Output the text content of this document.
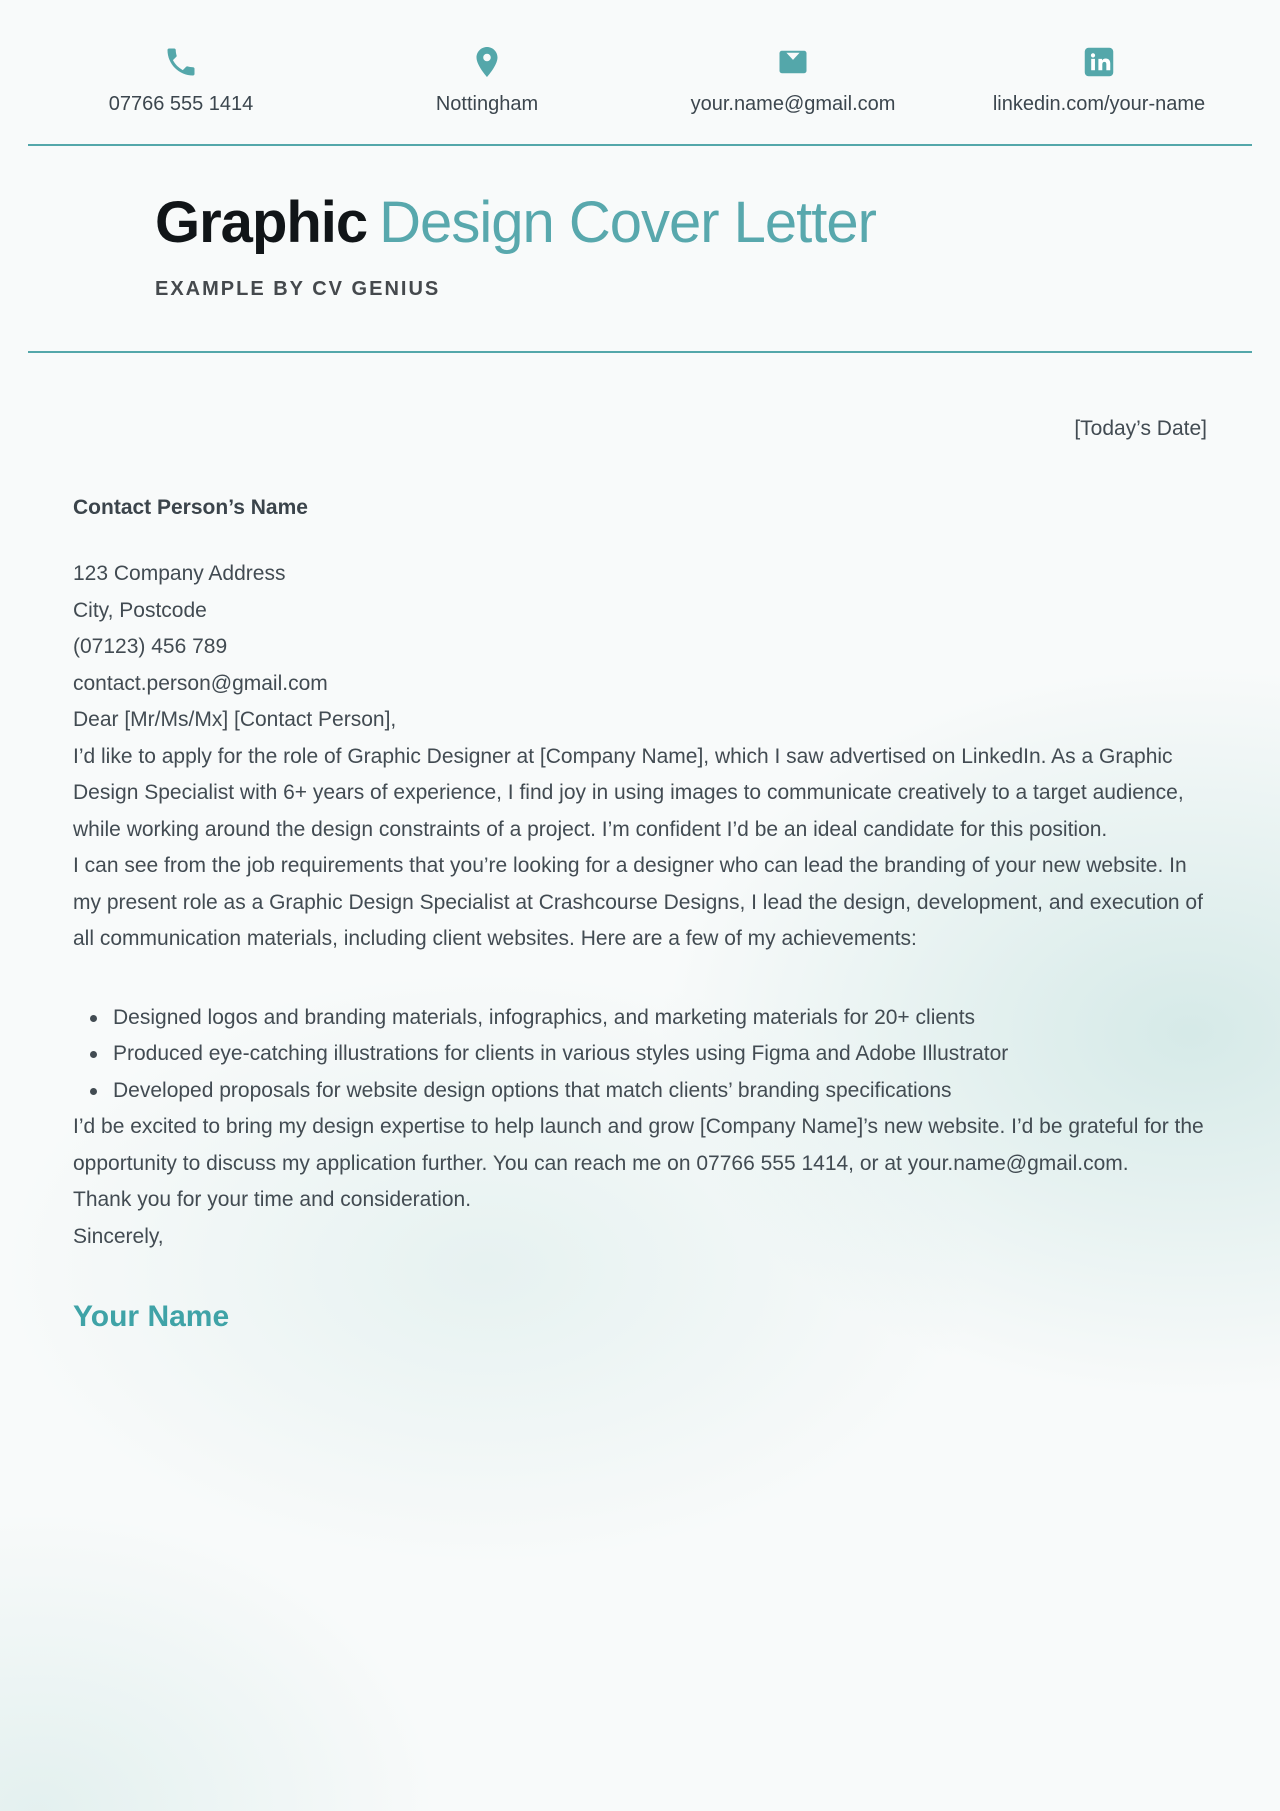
07766 555 1414	Nottingham	your.name@gmail.com	linkedin.com/your-name
Graphic Design Cover Letter
EXAMPLE BY CV GENIUS
[Today’s Date]
Contact Person’s Name
123 Company Address
City, Postcode
(07123) 456 789
contact.person@gmail.com

Dear [Mr/Ms/Mx] [Contact Person],

I’d like to apply for the role of Graphic Designer at [Company Name], which I saw advertised on LinkedIn. As a Graphic Design Specialist with 6+ years of experience, I find joy in using images to communicate creatively to a target audience, while working around the design constraints of a project. I’m confident I’d be an ideal candidate for this position.

I can see from the job requirements that you’re looking for a designer who can lead the branding of your new website. In my present role as a Graphic Design Specialist at Crashcourse Designs, I lead the design, development, and execution of all communication materials, including client websites. Here are a few of my achievements:

Designed logos and branding materials, infographics, and marketing materials for 20+ clients
Produced eye-catching illustrations for clients in various styles using Figma and Adobe Illustrator
Developed proposals for website design options that match clients’ branding specifications

I’d be excited to bring my design expertise to help launch and grow [Company Name]’s new website. I’d be grateful for the opportunity to discuss my application further. You can reach me on 07766 555 1414, or at your.name@gmail.com.

Thank you for your time and consideration.

Sincerely,

Your Name
